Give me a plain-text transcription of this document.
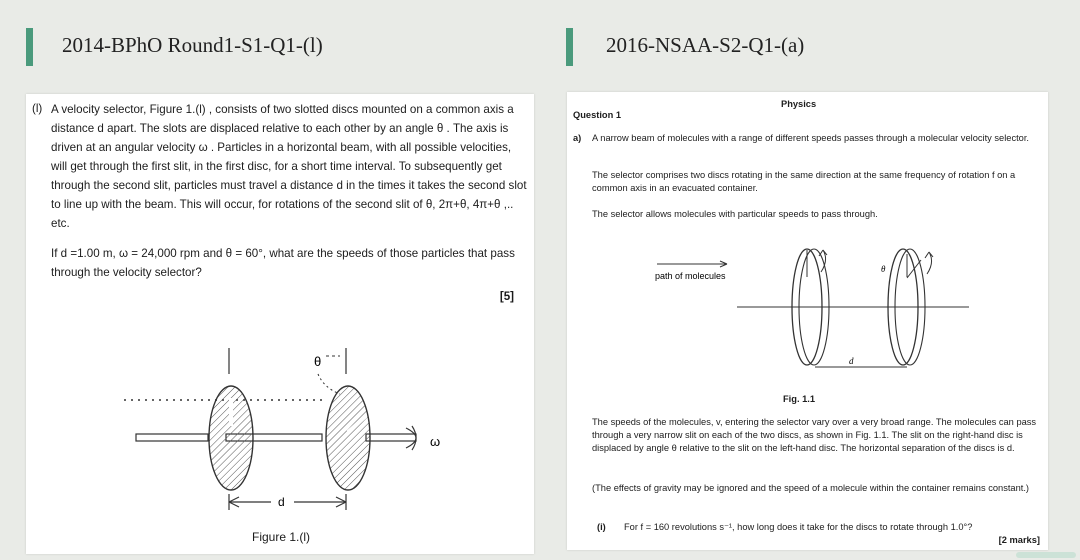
2014-BPhO Round1-S1-Q1-(l)
(l) A velocity selector, Figure 1.(l) , consists of two slotted discs mounted on a common axis a distance d apart. The slots are displaced relative to each other by an angle θ . The axis is driven at an angular velocity ω . Particles in a horizontal beam, with all possible velocities, will get through the first slit, in the first disc, for a short time interval. To subsequently get through the second slit, particles must travel a distance d in the times it takes the second slot to line up with the beam. This will occur, for rotations of the second slit of θ, 2π+θ, 4π+θ ,.. etc.
If d =1.00 m, ω = 24,000 rpm and θ = 60°, what are the speeds of those particles that pass through the velocity selector?
[5]
θ
ω
d
Figure 1.(l)
2016-NSAA-S2-Q1-(a)
Physics
Question 1
a) A narrow beam of molecules with a range of different speeds passes through a molecular velocity selector.
The selector comprises two discs rotating in the same direction at the same frequency of rotation f on a common axis in an evacuated container.
The selector allows molecules with particular speeds to pass through.
path of molecules
θ
d
Fig. 1.1
The speeds of the molecules, v, entering the selector vary over a very broad range. The molecules can pass through a very narrow slit on each of the two discs, as shown in Fig. 1.1. The slit on the right-hand disc is displaced by angle θ relative to the slit on the left-hand disc. The horizontal separation of the discs is d.
(The effects of gravity may be ignored and the speed of a molecule within the container remains constant.)
(i) For f = 160 revolutions s⁻¹, how long does it take for the discs to rotate through 1.0°?
[2 marks]
